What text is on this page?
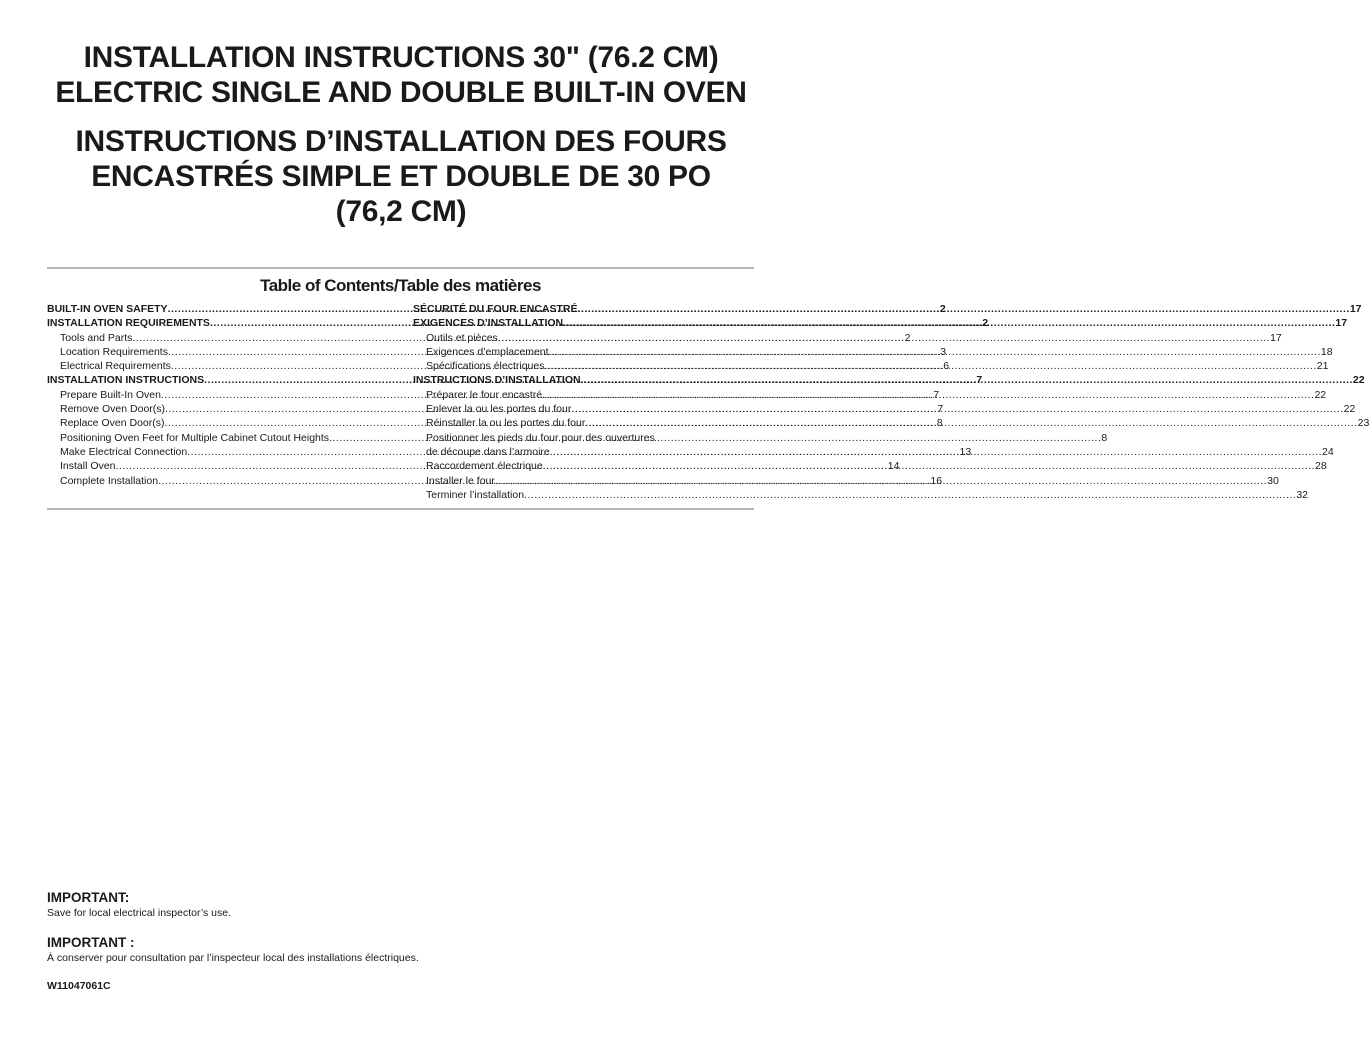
INSTALLATION INSTRUCTIONS 30" (76.2 CM)
ELECTRIC SINGLE AND DOUBLE BUILT-IN OVEN
INSTRUCTIONS D’INSTALLATION DES FOURS
ENCASTRÉS SIMPLE ET DOUBLE DE 30 PO
(76,2 CM)
Table of Contents/Table des matières
BUILT-IN OVEN SAFETY .....	2
INSTALLATION REQUIREMENTS .....	2
Tools and Parts .....	2
Location Requirements .....	3
Electrical Requirements .....	6
INSTALLATION INSTRUCTIONS .....	7
Prepare Built-In Oven .....	7
Remove Oven Door(s) .....	7
Replace Oven Door(s) .....	8
Positioning Oven Feet for Multiple Cabinet Cutout Heights .....	8
Make Electrical Connection .....	13
Install Oven .....	14
Complete Installation .....	16
SÉCURITÉ DU FOUR ENCASTRÉ .....	17
EXIGENCES D’INSTALLATION .....	17
Outils et pièces .....	17
Exigences d’emplacement .....	18
Spécifications électriques .....	21
INSTRUCTIONS D’INSTALLATION .....	22
Préparer le four encastré .....	22
Enlever la ou les portes du four .....	22
Réinstaller la ou les portes du four .....	23
Positionner les pieds du four pour des ouvertures
de découpe dans l’armoire .....	24
Raccordement électrique .....	28
Installer le four .....	30
Terminer l’installation .....	32
IMPORTANT:
Save for local electrical inspector’s use.
IMPORTANT :
À conserver pour consultation par l’inspecteur local des installations électriques.
W11047061C
